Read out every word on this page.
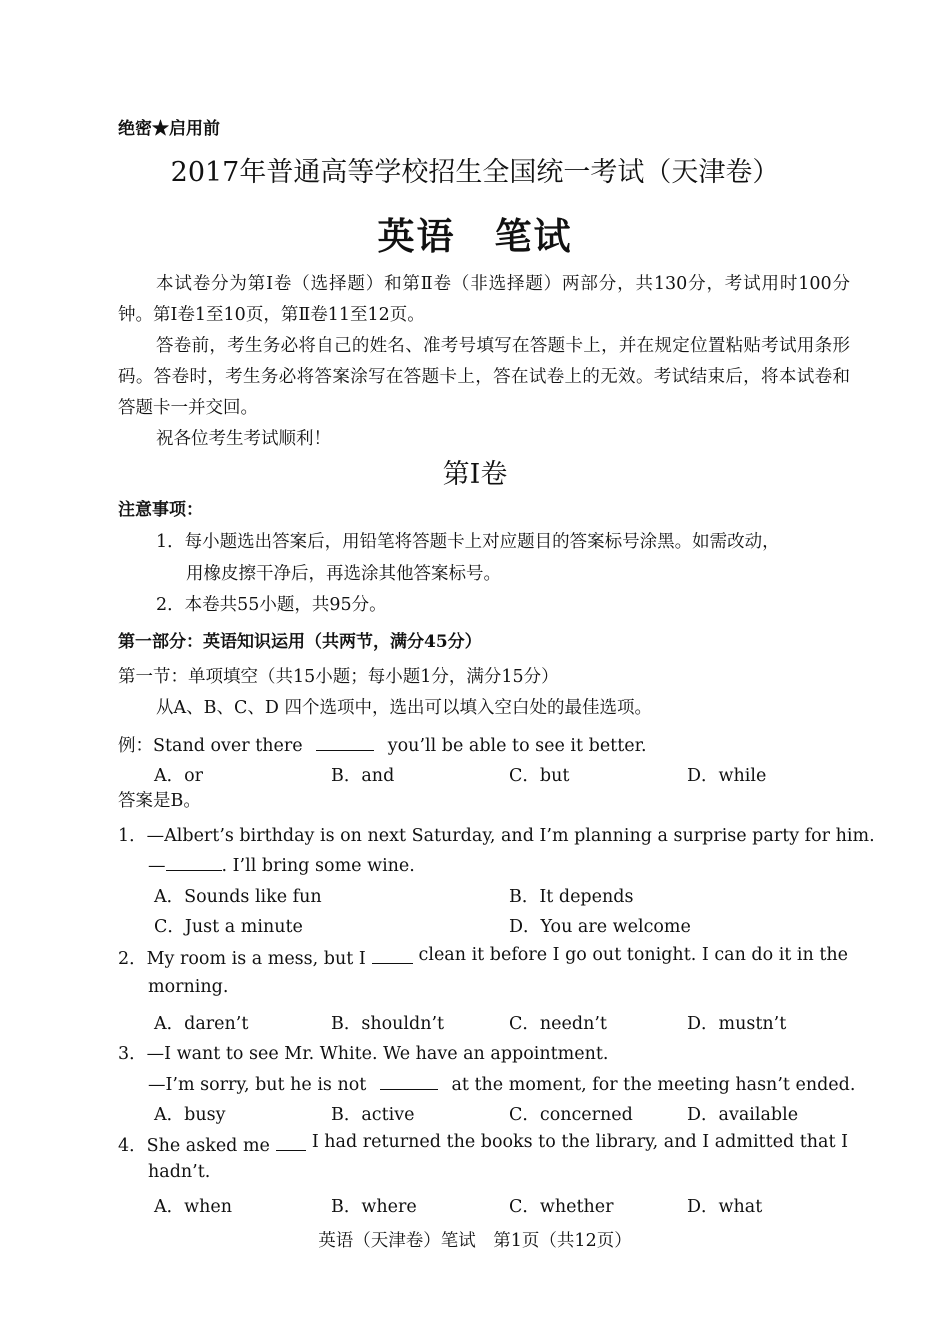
绝密★启用前
2017年普通高等学校招生全国统一考试（天津卷）
英语　笔试
本试卷分为第Ⅰ卷（选择题）和第Ⅱ卷（非选择题）两部分，共130分，考试用时100分钟。第Ⅰ卷1至10页，第Ⅱ卷11至12页。
答卷前，考生务必将自己的姓名、准考号填写在答题卡上，并在规定位置粘贴考试用条形码。答卷时，考生务必将答案涂写在答题卡上，答在试卷上的无效。考试结束后，将本试卷和答题卡一并交回。
祝各位考生考试顺利！
第Ⅰ卷
注意事项：
1．每小题选出答案后，用铅笔将答题卡上对应题目的答案标号涂黑。如需改动，
用橡皮擦干净后，再选涂其他答案标号。
2．本卷共55小题，共95分。
第一部分：英语知识运用（共两节，满分45分）
第一节：单项填空（共15小题；每小题1分，满分15分）
从A、B、C、D 四个选项中，选出可以填入空白处的最佳选项。
例：Stand over there	you’ll be able to see it better.
A．or	B．and	C．but	D．while
答案是B。
1．—Albert’s birthday is on next Saturday, and I’m planning a surprise party for him.
—	. I’ll bring some wine.
A．Sounds like fun	B．It depends
C．Just a minute	D．You are welcome
2．My room is a mess, but I	clean it before I go out tonight. I can do it in the
morning.
A．daren’t	B．shouldn’t	C．needn’t	D．mustn’t
3．—I want to see Mr. White. We have an appointment.
—I’m sorry, but he is not	at the moment, for the meeting hasn’t ended.
A．busy	B．active	C．concerned	D．available
4．She asked me I had returned the books to the library, and I admitted that I
hadn’t.
A．when	B．where	C．whether	D．what
英语（天津卷）笔试　第1页（共12页）
